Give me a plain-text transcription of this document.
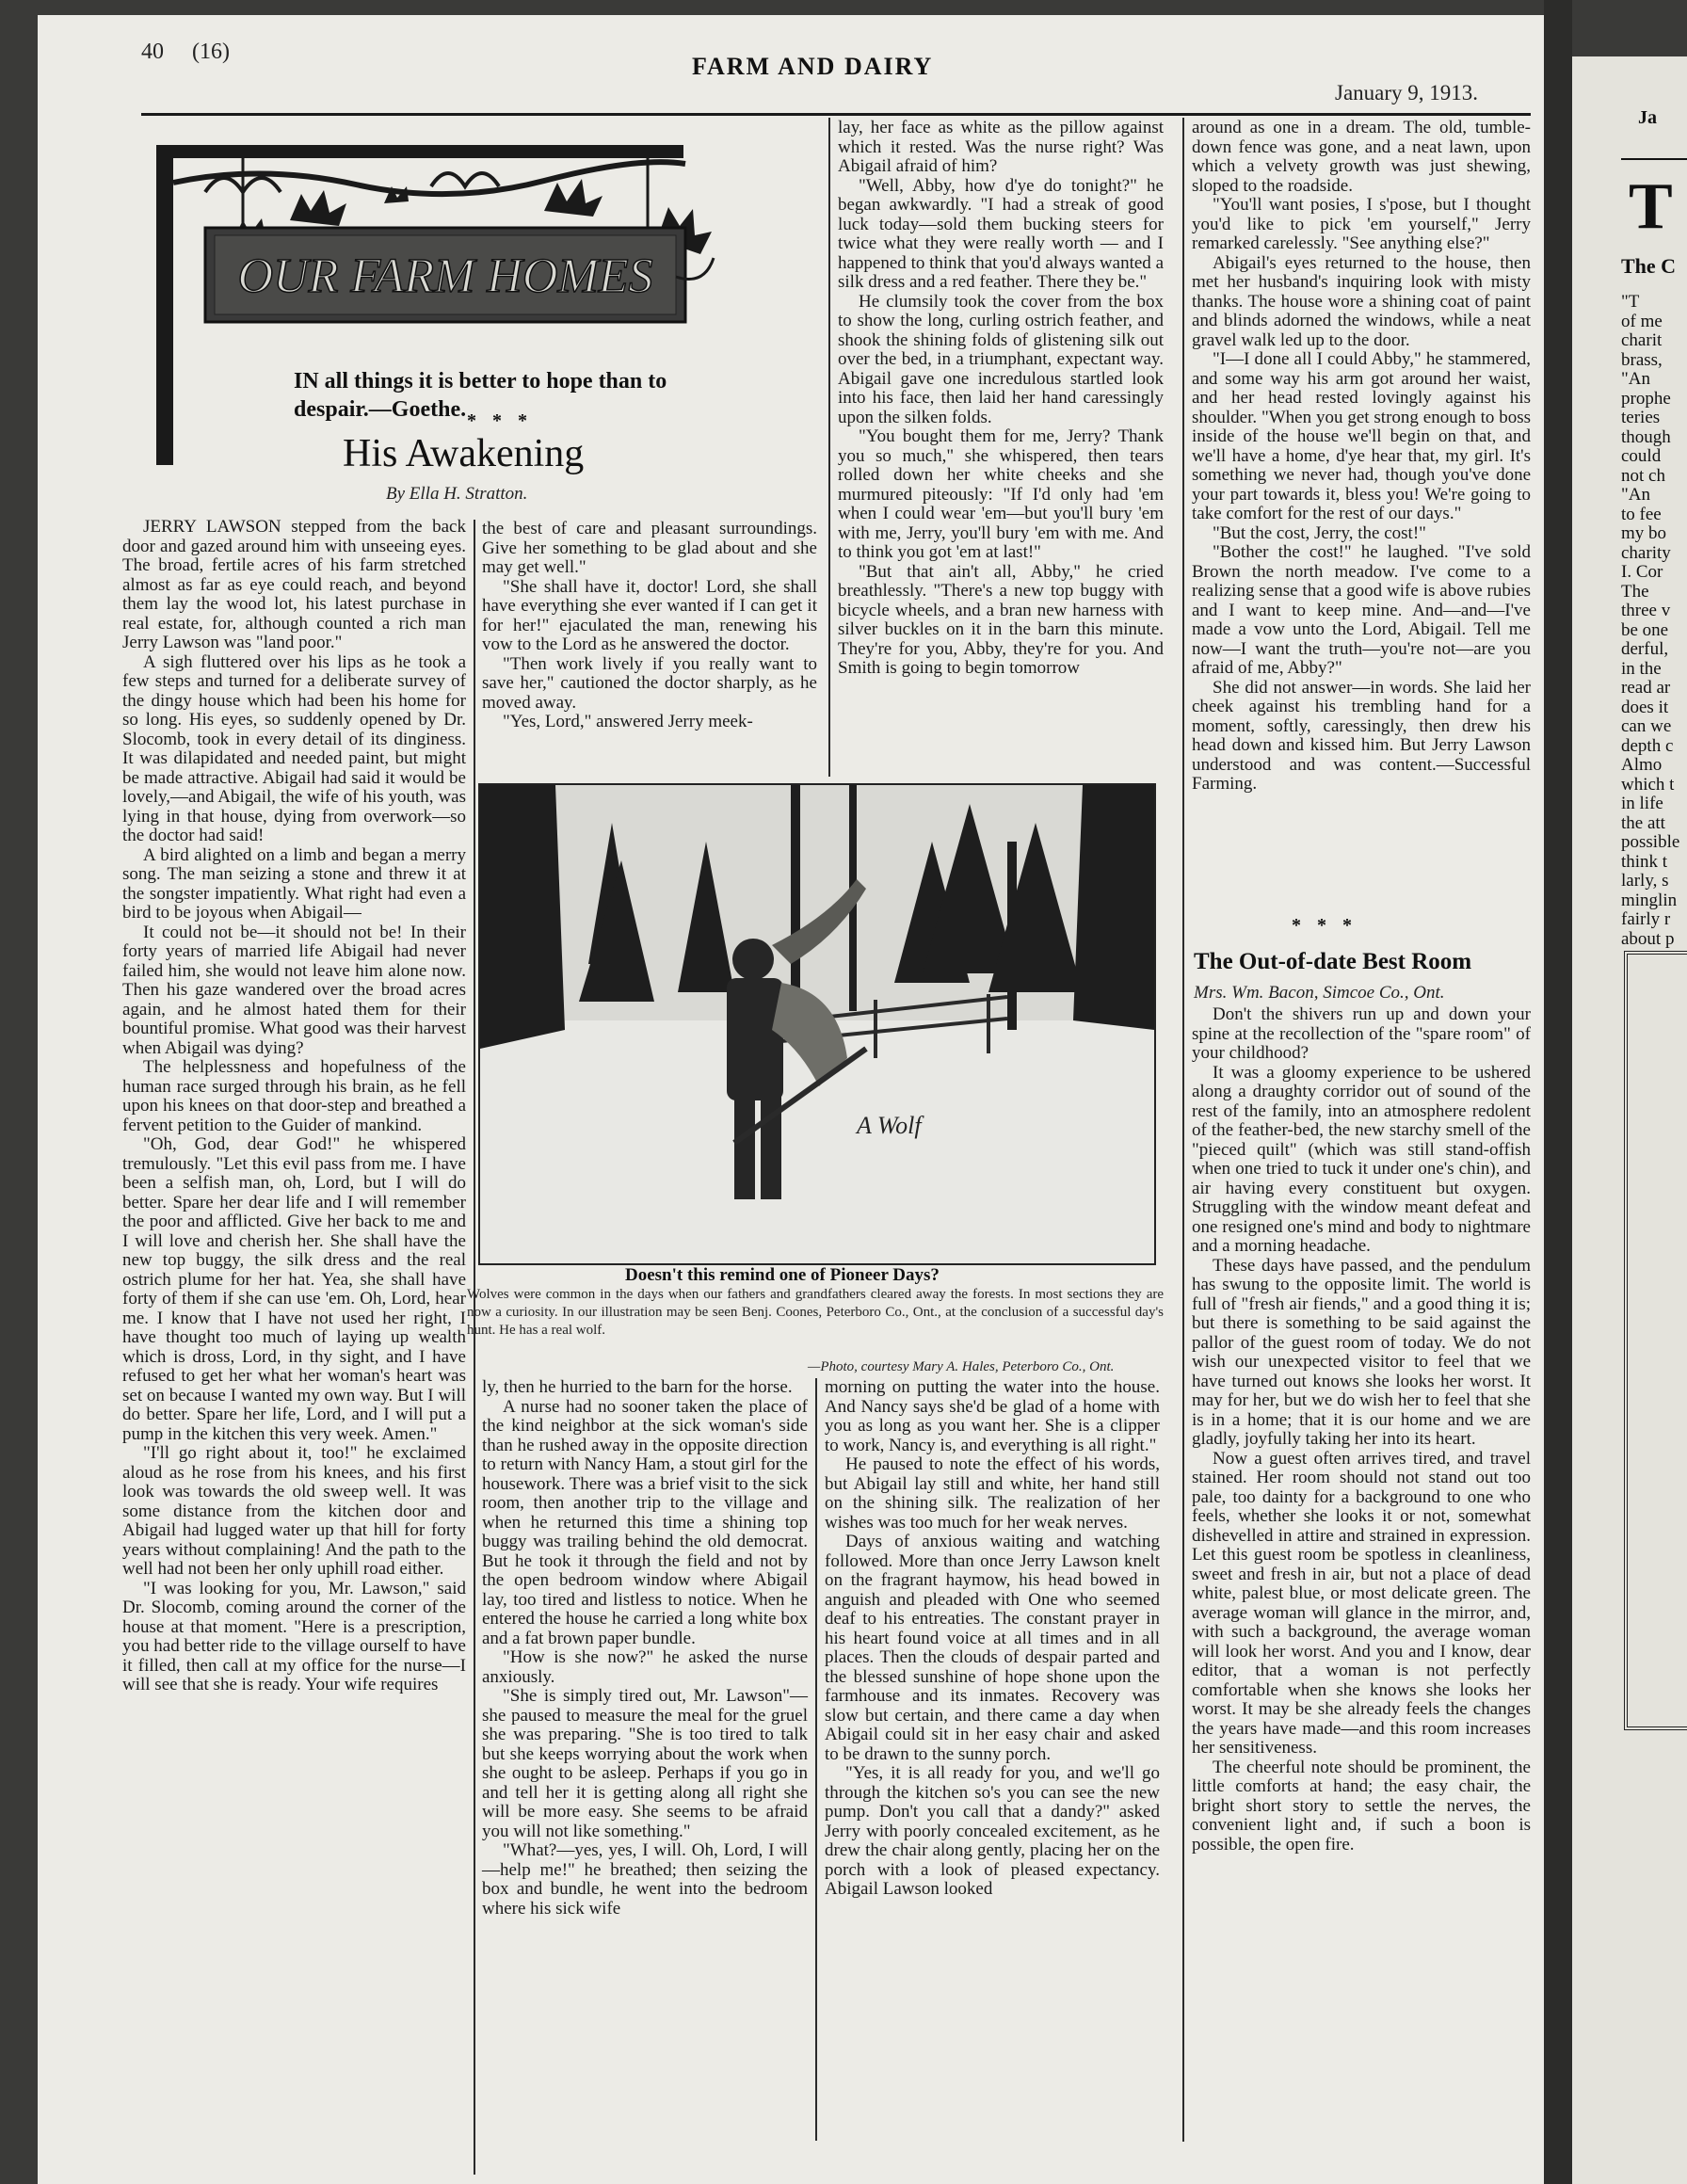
Ja
T
The C
"T
of me
charit
brass,
"An
prophe
teries
though
could
not ch
"An
to fee
my bo
charity
I. Cor
The
three v
be one
derful,
in the
read ar
does it
can we
depth c
Almo
which t
in life
the att
possible
think t
larly, s
minglin
fairly r
about p
40 (16)
FARM AND DAIRY
January 9, 1913.
OUR FARM HOMES
IN all things it is better to hope than to despair.—Goethe. * * *
His Awakening
By Ella H. Stratton.

JERRY LAWSON stepped from the back door and gazed around him with unseeing eyes. The broad, fertile acres of his farm stretched almost as far as eye could reach, and beyond them lay the wood lot, his latest purchase in real estate, for, although counted a rich man Jerry Lawson was "land poor."

A sigh fluttered over his lips as he took a few steps and turned for a deliberate survey of the dingy house which had been his home for so long. His eyes, so suddenly opened by Dr. Slocomb, took in every detail of its dinginess. It was dilapidated and needed paint, but might be made attractive. Abigail had said it would be lovely,—and Abigail, the wife of his youth, was lying in that house, dying from overwork—so the doctor had said!

A bird alighted on a limb and began a merry song. The man seizing a stone and threw it at the songster impatiently. What right had even a bird to be joyous when Abigail—

It could not be—it should not be! In their forty years of married life Abigail had never failed him, she would not leave him alone now. Then his gaze wandered over the broad acres again, and he almost hated them for their bountiful promise. What good was their harvest when Abigail was dying?

The helplessness and hopefulness of the human race surged through his brain, as he fell upon his knees on that door-step and breathed a fervent petition to the Guider of mankind.

"Oh, God, dear God!" he whispered tremulously. "Let this evil pass from me. I have been a selfish man, oh, Lord, but I will do better. Spare her dear life and I will remember the poor and afflicted. Give her back to me and I will love and cherish her. She shall have the new top buggy, the silk dress and the real ostrich plume for her hat. Yea, she shall have forty of them if she can use 'em. Oh, Lord, hear me. I know that I have not used her right, I have thought too much of laying up wealth which is dross, Lord, in thy sight, and I have refused to get her what her woman's heart was set on because I wanted my own way. But I will do better. Spare her life, Lord, and I will put a pump in the kitchen this very week. Amen."

"I'll go right about it, too!" he exclaimed aloud as he rose from his knees, and his first look was towards the old sweep well. It was some distance from the kitchen door and Abigail had lugged water up that hill for forty years without complaining! And the path to the well had not been her only uphill road either.

"I was looking for you, Mr. Lawson," said Dr. Slocomb, coming around the corner of the house at that moment. "Here is a prescription, you had better ride to the village ourself to have it filled, then call at my office for the nurse—I will see that she is ready. Your wife requires

the best of care and pleasant surroundings. Give her something to be glad about and she may get well."

"She shall have it, doctor! Lord, she shall have everything she ever wanted if I can get it for her!" ejaculated the man, renewing his vow to the Lord as he answered the doctor.

"Then work lively if you really want to save her," cautioned the doctor sharply, as he moved away.

"Yes, Lord," answered Jerry meek-

lay, her face as white as the pillow against which it rested. Was the nurse right? Was Abigail afraid of him?

"Well, Abby, how d'ye do tonight?" he began awkwardly. "I had a streak of good luck today—sold them bucking steers for twice what they were really worth — and I happened to think that you'd always wanted a silk dress and a red feather. There they be."

He clumsily took the cover from the box to show the long, curling ostrich feather, and shook the shining folds of glistening silk out over the bed, in a triumphant, expectant way. Abigail gave one incredulous startled look into his face, then laid her hand caressingly upon the silken folds.

"You bought them for me, Jerry? Thank you so much," she whispered, then tears rolled down her white cheeks and she murmured piteously: "If I'd only had 'em when I could wear 'em—but you'll bury 'em with me, Jerry, you'll bury 'em with me. And to think you got 'em at last!"

"But that ain't all, Abby," he cried breathlessly. "There's a new top buggy with bicycle wheels, and a bran new harness with silver buckles on it in the barn this minute. They're for you, Abby, they're for you. And Smith is going to begin tomorrow

A Wolf
Doesn't this remind one of Pioneer Days?
Wolves were common in the days when our fathers and grandfathers cleared away the forests. In most sections they are now a curiosity. In our illustration may be seen Benj. Coones, Peterboro Co., Ont., at the conclusion of a successful day's hunt. He has a real wolf.
—Photo, courtesy Mary A. Hales, Peterboro Co., Ont.

ly, then he hurried to the barn for the horse.

A nurse had no sooner taken the place of the kind neighbor at the sick woman's side than he rushed away in the opposite direction to return with Nancy Ham, a stout girl for the housework. There was a brief visit to the sick room, then another trip to the village and when he returned this time a shining top buggy was trailing behind the old democrat. But he took it through the field and not by the open bedroom window where Abigail lay, too tired and listless to notice. When he entered the house he carried a long white box and a fat brown paper bundle.

"How is she now?" he asked the nurse anxiously.

"She is simply tired out, Mr. Lawson"—she paused to measure the meal for the gruel she was preparing. "She is too tired to talk but she keeps worrying about the work when she ought to be asleep. Perhaps if you go in and tell her it is getting along all right she will be more easy. She seems to be afraid you will not like something."

"What?—yes, yes, I will. Oh, Lord, I will—help me!" he breathed; then seizing the box and bundle, he went into the bedroom where his sick wife

morning on putting the water into the house. And Nancy says she'd be glad of a home with you as long as you want her. She is a clipper to work, Nancy is, and everything is all right."

He paused to note the effect of his words, but Abigail lay still and white, her hand still on the shining silk. The realization of her wishes was too much for her weak nerves.

Days of anxious waiting and watching followed. More than once Jerry Lawson knelt on the fragrant haymow, his head bowed in anguish and pleaded with One who seemed deaf to his entreaties. The constant prayer in his heart found voice at all times and in all places. Then the clouds of despair parted and the blessed sunshine of hope shone upon the farmhouse and its inmates. Recovery was slow but certain, and there came a day when Abigail could sit in her easy chair and asked to be drawn to the sunny porch.

"Yes, it is all ready for you, and we'll go through the kitchen so's you can see the new pump. Don't you call that a dandy?" asked Jerry with poorly concealed excitement, as he drew the chair along gently, placing her on the porch with a look of pleased expectancy. Abigail Lawson looked

around as one in a dream. The old, tumble-down fence was gone, and a neat lawn, upon which a velvety growth was just shewing, sloped to the roadside.

"You'll want posies, I s'pose, but I thought you'd like to pick 'em yourself," Jerry remarked carelessly. "See anything else?"

Abigail's eyes returned to the house, then met her husband's inquiring look with misty thanks. The house wore a shining coat of paint and blinds adorned the windows, while a neat gravel walk led up to the door.

"I—I done all I could Abby," he stammered, and some way his arm got around her waist, and her head rested lovingly against his shoulder. "When you get strong enough to boss inside of the house we'll begin on that, and we'll have a home, d'ye hear that, my girl. It's something we never had, though you've done your part towards it, bless you! We're going to take comfort for the rest of our days."

"But the cost, Jerry, the cost!"

"Bother the cost!" he laughed. "I've sold Brown the north meadow. I've come to a realizing sense that a good wife is above rubies and I want to keep mine. And—and—I've made a vow unto the Lord, Abigail. Tell me now—I want the truth—you're not—are you afraid of me, Abby?"

She did not answer—in words. She laid her cheek against his trembling hand for a moment, softly, caressingly, then drew his head down and kissed him. But Jerry Lawson understood and was content.—Successful Farming.

* * *
The Out-of-date Best Room
Mrs. Wm. Bacon, Simcoe Co., Ont.

Don't the shivers run up and down your spine at the recollection of the "spare room" of your childhood?

It was a gloomy experience to be ushered along a draughty corridor out of sound of the rest of the family, into an atmosphere redolent of the feather-bed, the new starchy smell of the "pieced quilt" (which was still stand-offish when one tried to tuck it under one's chin), and air having every constituent but oxygen. Struggling with the window meant defeat and one resigned one's mind and body to nightmare and a morning headache.

These days have passed, and the pendulum has swung to the opposite limit. The world is full of "fresh air fiends," and a good thing it is; but there is something to be said against the pallor of the guest room of today. We do not wish our unexpected visitor to feel that we have turned out knows she looks her worst. It may for her, but we do wish her to feel that she is in a home; that it is our home and we are gladly, joyfully taking her into its heart.

Now a guest often arrives tired, and travel stained. Her room should not stand out too pale, too dainty for a background to one who feels, whether she looks it or not, somewhat dishevelled in attire and strained in expression. Let this guest room be spotless in cleanliness, sweet and fresh in air, but not a place of dead white, palest blue, or most delicate green. The average woman will glance in the mirror, and, with such a background, the average woman will look her worst. And you and I know, dear editor, that a woman is not perfectly comfortable when she knows she looks her worst. It may be she already feels the changes the years have made—and this room increases her sensitiveness.

The cheerful note should be prominent, the little comforts at hand; the easy chair, the bright short story to settle the nerves, the convenient light and, if such a boon is possible, the open fire.
